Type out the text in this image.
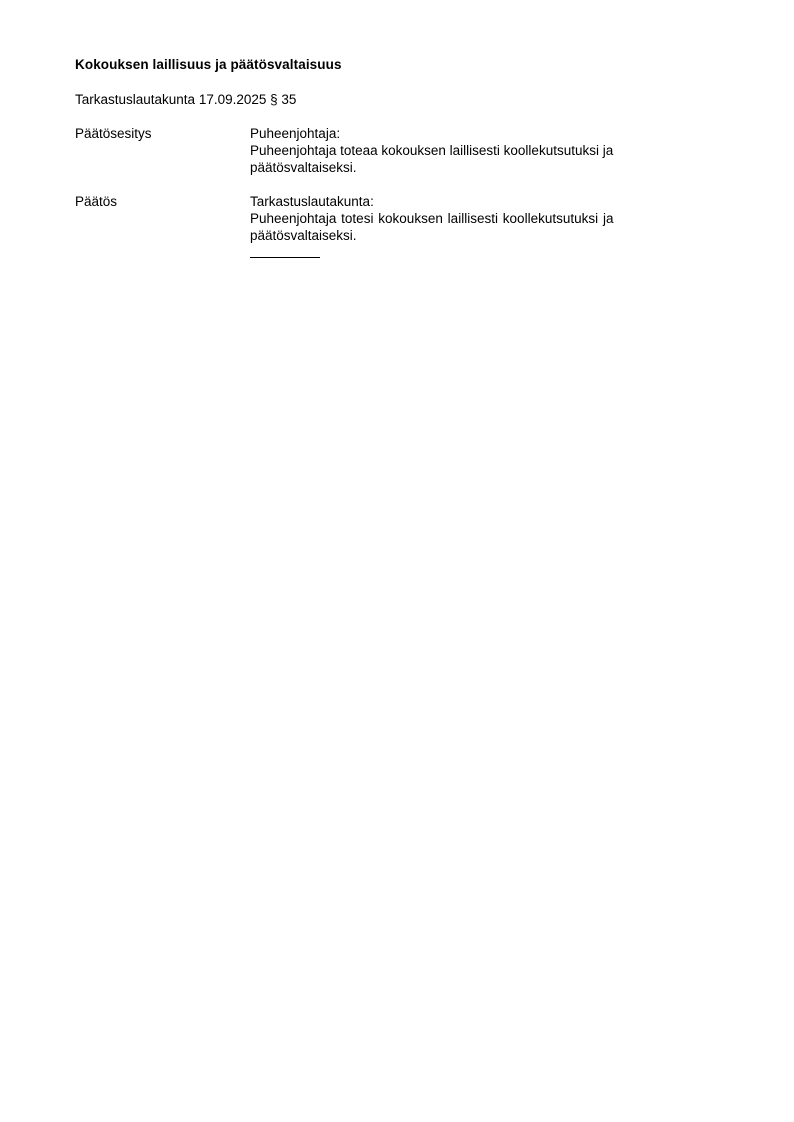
Kokouksen laillisuus ja päätösvaltaisuus
Tarkastuslautakunta 17.09.2025 § 35
Päätösesitys	Puheenjohtaja:
Puheenjohtaja toteaa kokouksen laillisesti koollekutsutuksi ja
päätösvaltaiseksi.
Päätös	Tarkastuslautakunta:
Puheenjohtaja totesi kokouksen laillisesti koollekutsutuksi ja
päätösvaltaiseksi.
